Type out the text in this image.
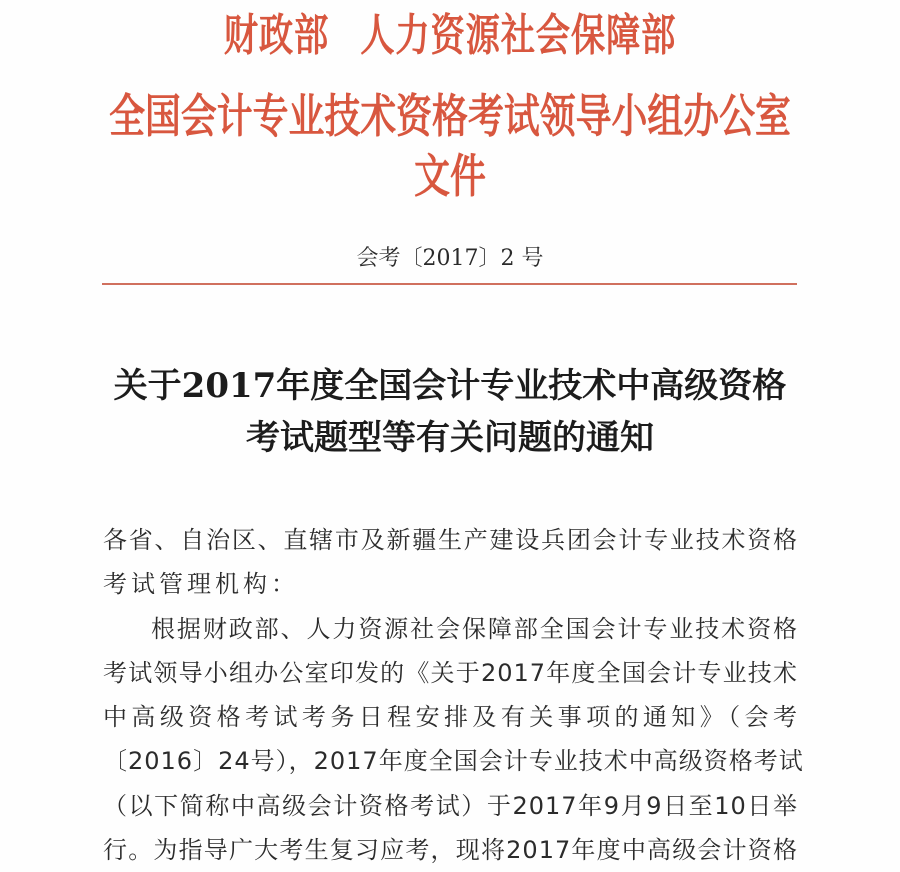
财政部 人力资源社会保障部
全国会计专业技术资格考试领导小组办公室文件
会考〔2017〕2 号
关于2017年度全国会计专业技术中高级资格
考试题型等有关问题的通知
各省、自治区、直辖市及新疆生产建设兵团会计专业技术资格
考试管理机构：
根据财政部、人力资源社会保障部全国会计专业技术资格
考试领导小组办公室印发的《关于2017年度全国会计专业技术
中高级资格考试考务日程安排及有关事项的通知》（会考
〔2016〕24号），2017年度全国会计专业技术中高级资格考试
（以下简称中高级会计资格考试）于2017年9月9日至10日举
行。为指导广大考生复习应考，现将2017年度中高级会计资格
